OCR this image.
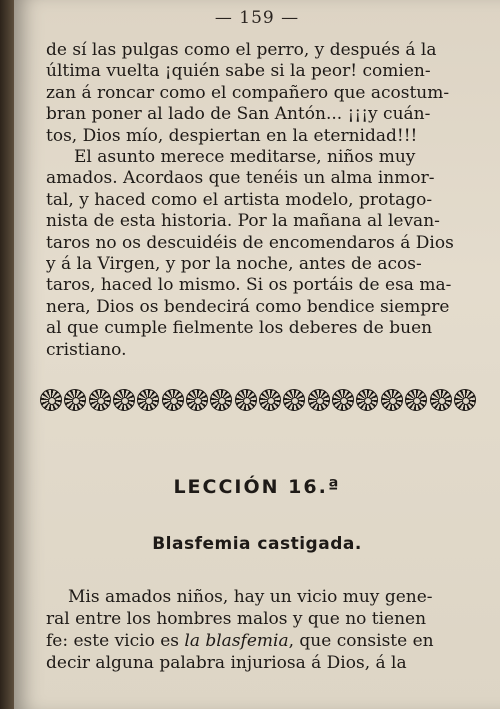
— 159 —
de sí las pulgas como el perro, y después á la
última vuelta ¡quién sabe si la peor! comien-
zan á roncar como el compañero que acostum-
bran poner al lado de San Antón... ¡¡¡y cuán-
tos, Dios mío, despiertan en la eternidad!!!
El asunto merece meditarse, niños muy
amados. Acordaos que tenéis un alma inmor-
tal, y haced como el artista modelo, protago-
nista de esta historia. Por la mañana al levan-
taros no os descuidéis de encomendaros á Dios
y á la Virgen, y por la noche, antes de acos-
taros, haced lo mismo. Si os portáis de esa ma-
nera, Dios os bendecirá como bendice siempre
al que cumple fielmente los deberes de buen
cristiano.
LECCIÓN 16.ª
Blasfemia castigada.
Mis amados niños, hay un vicio muy gene-
ral entre los hombres malos y que no tienen
fe: este vicio es la blasfemia, que consiste en
decir alguna palabra injuriosa á Dios, á la
